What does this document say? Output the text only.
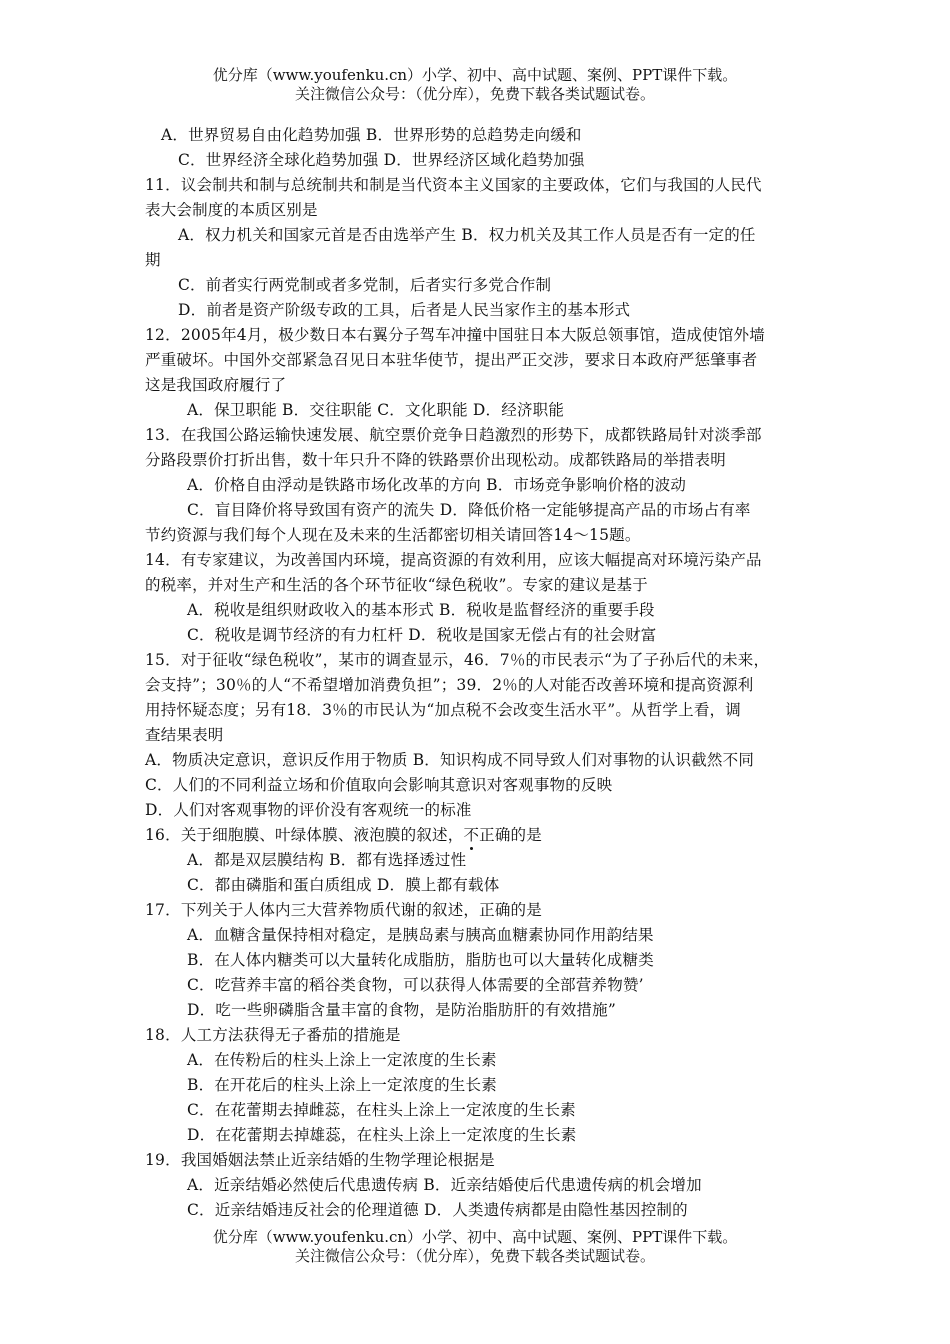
优分库（www.youfenku.cn）小学、初中、高中试题、案例、PPT课件下载。
关注微信公众号：（优分库），免费下载各类试题试卷。
A．世界贸易自由化趋势加强 B．世界形势的总趋势走向缓和
C．世界经济全球化趋势加强 D．世界经济区域化趋势加强
11．议会制共和制与总统制共和制是当代资本主义国家的主要政体，它们与我国的人民代
表大会制度的本质区别是
A．权力机关和国家元首是否由选举产生 B．权力机关及其工作人员是否有一定的任
期
C．前者实行两党制或者多党制，后者实行多党合作制
D．前者是资产阶级专政的工具，后者是人民当家作主的基本形式
12．2005年4月，极少数日本右翼分子驾车冲撞中国驻日本大阪总领事馆，造成使馆外墙
严重破坏。中国外交部紧急召见日本驻华使节，提出严正交涉，要求日本政府严惩肇事者
这是我国政府履行了
A．保卫职能 B．交往职能 C．文化职能 D．经济职能
13．在我国公路运输快速发展、航空票价竞争日趋激烈的形势下，成都铁路局针对淡季部
分路段票价打折出售，数十年只升不降的铁路票价出现松动。成都铁路局的举措表明
A．价格自由浮动是铁路市场化改革的方向 B．市场竞争影响价格的波动
C．盲目降价将导致国有资产的流失 D．降低价格一定能够提高产品的市场占有率
节约资源与我们每个人现在及未来的生活都密切相关请回答14～15题。
14．有专家建议，为改善国内环境，提高资源的有效利用，应该大幅提高对环境污染产品
的税率，并对生产和生活的各个环节征收“绿色税收”。专家的建议是基于
A．税收是组织财政收入的基本形式 B．税收是监督经济的重要手段
C．税收是调节经济的有力杠杆 D．税收是国家无偿占有的社会财富
15．对于征收“绿色税收”，某市的调查显示，46．7％的市民表示“为了子孙后代的未来，
会支持”；30％的人“不希望增加消费负担”；39．2％的人对能否改善环境和提高资源利
用持怀疑态度；另有18．3％的市民认为“加点税不会改变生活水平”。从哲学上看，调
查结果表明
A．物质决定意识，意识反作用于物质 B．知识构成不同导致人们对事物的认识截然不同
C．人们的不同利益立场和价值取向会影响其意识对客观事物的反映
D．人们对客观事物的评价没有客观统一的标准
16．关于细胞膜、叶绿体膜、液泡膜的叙述，不正确的是
A．都是双层膜结构 B．都有选择透过性
C．都由磷脂和蛋白质组成 D．膜上都有载体
17．下列关于人体内三大营养物质代谢的叙述，正确的是
A．血糖含量保持相对稳定，是胰岛素与胰高血糖素协同作用韵结果
B．在人体内糖类可以大量转化成脂肪，脂肪也可以大量转化成糖类
C．吃营养丰富的稻谷类食物，可以获得人体需要的全部营养物赞’
D．吃一些卵磷脂含量丰富的食物，是防治脂肪肝的有效措施”
18．人工方法获得无子番茄的措施是
A．在传粉后的柱头上涂上一定浓度的生长素
B．在开花后的柱头上涂上一定浓度的生长素
C．在花蕾期去掉雌蕊，在柱头上涂上一定浓度的生长素
D．在花蕾期去掉雄蕊，在柱头上涂上一定浓度的生长素
19．我国婚姻法禁止近亲结婚的生物学理论根据是
A．近亲结婚必然使后代患遗传病 B．近亲结婚使后代患遗传病的机会增加
C．近亲结婚违反社会的伦理道德 D．人类遗传病都是由隐性基因控制的
优分库（www.youfenku.cn）小学、初中、高中试题、案例、PPT课件下载。
关注微信公众号：（优分库），免费下载各类试题试卷。
